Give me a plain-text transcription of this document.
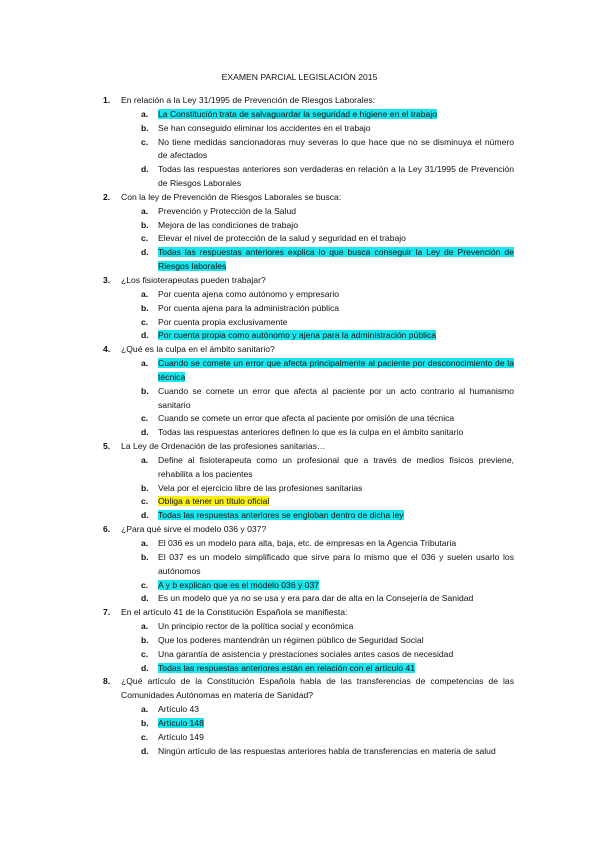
EXAMEN PARCIAL LEGISLACIÓN 2015
1.	En relación a la Ley 31/1995 de Prevención de Riesgos Laborales:
a. La Constitución trata de salvaguardar la seguridad e higiene en el trabajo
b. Se han conseguido eliminar los accidentes en el trabajo
c. No tiene medidas sancionadoras muy severas lo que hace que no se disminuya el número de afectados
d. Todas las respuestas anteriores son verdaderas en relación a la Ley 31/1995 de Prevención de Riesgos Laborales
2.	Con la ley de Prevención de Riesgos Laborales se busca:
a. Prevención y Protección de la Salud
b. Mejora de las condiciones de trabajo
c. Elevar el nivel de protección de la salud y seguridad en el trabajo
d. Todas las respuestas anteriores explica lo que busca conseguir la Ley de Prevención de Riesgos laborales
3.	¿Los fisioterapeutas pueden trabajar?
a. Por cuenta ajena como autónomo y empresario
b. Por cuenta ajena para la administración pública
c. Por cuenta propia exclusivamente
d. Por cuenta propia como autónomo y ajena para la administración pública
4.	¿Qué es la culpa en el ámbito sanitario?
a. Cuando se comete un error que afecta principalmente al paciente por desconocimiento de la técnica
b. Cuando se comete un error que afecta al paciente por un acto contrario al humanismo sanitario
c. Cuando se comete un error que afecta al paciente por omisión de una técnica
d. Todas las respuestas anteriores definen lo que es la culpa en el ámbito sanitario
5.	La Ley de Ordenación de las profesiones sanitarias…
a. Define al fisioterapeuta como un profesional que a través de medios físicos previene, rehabilita a los pacientes
b. Vela por el ejercicio libre de las profesiones sanitarias
c. Obliga a tener un título oficial
d. Todas las respuestas anteriores se engloban dentro de dicha ley
6.	¿Para qué sirve el modelo 036 y 037?
a. El 036 es un modelo para alta, baja, etc. de empresas en la Agencia Tributaria
b. El 037 es un modelo simplificado que sirve para lo mismo que el 036 y suelen usarlo los autónomos
c. A y b explican que es el modelo 036 y 037
d. Es un modelo que ya no se usa y era para dar de alta en la Consejería de Sanidad
7.	En el artículo 41 de la Constitución Española se manifiesta:
a. Un principio rector de la política social y económica
b. Que los poderes mantendrán un régimen público de Seguridad Social
c. Una garantía de asistencia y prestaciones sociales antes casos de necesidad
d. Todas las respuestas anteriores están en relación con el artículo 41
8.	¿Qué artículo de la Constitución Española habla de las transferencias de competencias de las Comunidades Autónomas en materia de Sanidad?
a. Artículo 43
b. Artículo 148
c. Artículo 149
d. Ningún artículo de las respuestas anteriores habla de transferencias en materia de salud
